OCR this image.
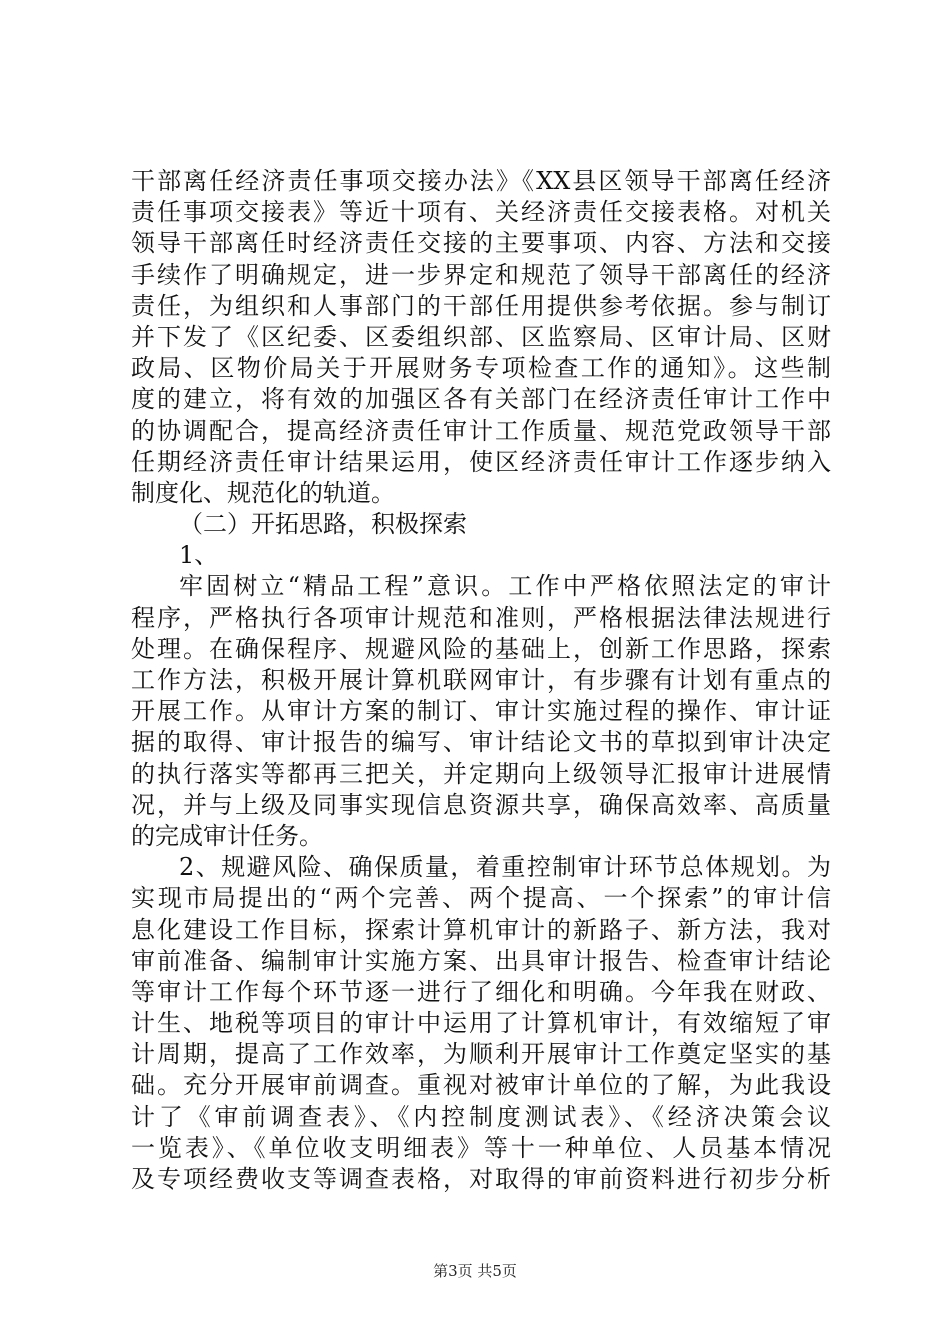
干部离任经济责任事项交接办法》《XX县区领导干部离任经济
责任事项交接表》等近十项有、关经济责任交接表格。对机关
领导干部离任时经济责任交接的主要事项、内容、方法和交接
手续作了明确规定，进一步界定和规范了领导干部离任的经济
责任，为组织和人事部门的干部任用提供参考依据。参与制订
并下发了《区纪委、区委组织部、区监察局、区审计局、区财
政局、区物价局关于开展财务专项检查工作的通知》。这些制
度的建立，将有效的加强区各有关部门在经济责任审计工作中
的协调配合，提高经济责任审计工作质量、规范党政领导干部
任期经济责任审计结果运用，使区经济责任审计工作逐步纳入
制度化、规范化的轨道。
（二）开拓思路，积极探索
1、
牢固树立“精品工程”意识。工作中严格依照法定的审计
程序，严格执行各项审计规范和准则，严格根据法律法规进行
处理。在确保程序、规避风险的基础上，创新工作思路，探索
工作方法，积极开展计算机联网审计，有步骤有计划有重点的
开展工作。从审计方案的制订、审计实施过程的操作、审计证
据的取得、审计报告的编写、审计结论文书的草拟到审计决定
的执行落实等都再三把关，并定期向上级领导汇报审计进展情
况，并与上级及同事实现信息资源共享，确保高效率、高质量
的完成审计任务。
2、规避风险、确保质量，着重控制审计环节总体规划。为
实现市局提出的“两个完善、两个提高、一个探索”的审计信
息化建设工作目标，探索计算机审计的新路子、新方法，我对
审前准备、编制审计实施方案、出具审计报告、检查审计结论
等审计工作每个环节逐一进行了细化和明确。今年我在财政、
计生、地税等项目的审计中运用了计算机审计，有效缩短了审
计周期，提高了工作效率，为顺利开展审计工作奠定坚实的基
础。充分开展审前调查。重视对被审计单位的了解，为此我设
计了《审前调查表》、《内控制度测试表》、《经济决策会议
一览表》、《单位收支明细表》等十一种单位、人员基本情况
及专项经费收支等调查表格，对取得的审前资料进行初步分析
第3页 共5页
